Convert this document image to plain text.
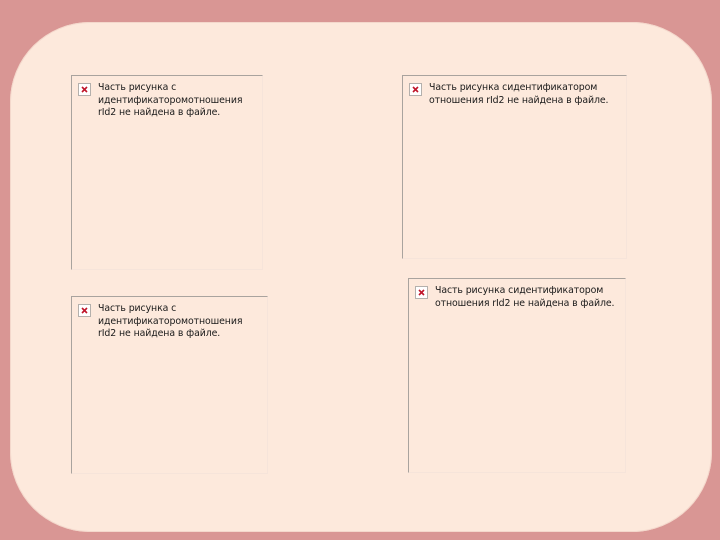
Часть рисунка с
идентификаторомотношения
rId2 не найдена в файле.
Часть рисунка сидентификатором
отношения rId2 не найдена в файле.
Часть рисунка с
идентификаторомотношения
rId2 не найдена в файле.
Часть рисунка сидентификатором
отношения rId2 не найдена в файле.
